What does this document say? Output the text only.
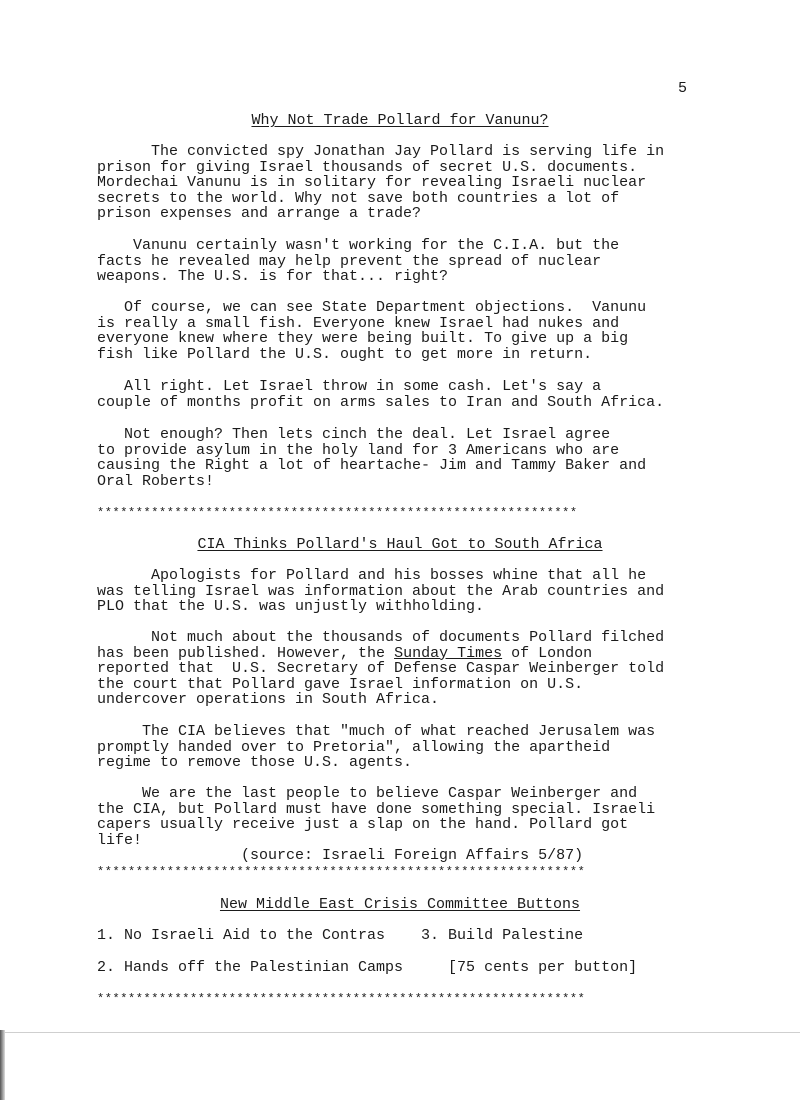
5
Why Not Trade Pollard for Vanunu?

The convicted spy Jonathan Jay Pollard is serving life in
prison for giving Israel thousands of secret U.S. documents.
Mordechai Vanunu is in solitary for revealing Israeli nuclear
secrets to the world. Why not save both countries a lot of
prison expenses and arrange a trade?

Vanunu certainly wasn't working for the C.I.A. but the
facts he revealed may help prevent the spread of nuclear
weapons. The U.S. is for that... right?

Of course, we can see State Department objections.  Vanunu
is really a small fish. Everyone knew Israel had nukes and
everyone knew where they were being built. To give up a big
fish like Pollard the U.S. ought to get more in return.

All right. Let Israel throw in some cash. Let's say a
couple of months profit on arms sales to Iran and South Africa.

Not enough? Then lets cinch the deal. Let Israel agree
to provide asylum in the holy land for 3 Americans who are
causing the Right a lot of heartache- Jim and Tammy Baker and
Oral Roberts!

**************************************************************
CIA Thinks Pollard's Haul Got to South Africa

Apologists for Pollard and his bosses whine that all he
was telling Israel was information about the Arab countries and
PLO that the U.S. was unjustly withholding.

Not much about the thousands of documents Pollard filched

has been published. However, the Sunday Times of London

reported that  U.S. Secretary of Defense Caspar Weinberger told
the court that Pollard gave Israel information on U.S.
undercover operations in South Africa.

The CIA believes that "much of what reached Jerusalem was
promptly handed over to Pretoria", allowing the apartheid
regime to remove those U.S. agents.

We are the last people to believe Caspar Weinberger and
the CIA, but Pollard must have done something special. Israeli
capers usually receive just a slap on the hand. Pollard got
life!

(source: Israeli Foreign Affairs 5/87)

***************************************************************
New Middle East Crisis Committee Buttons

1. No Israeli Aid to the Contras    3. Build Palestine

2. Hands off the Palestinian Camps     [75 cents per button]

***************************************************************
